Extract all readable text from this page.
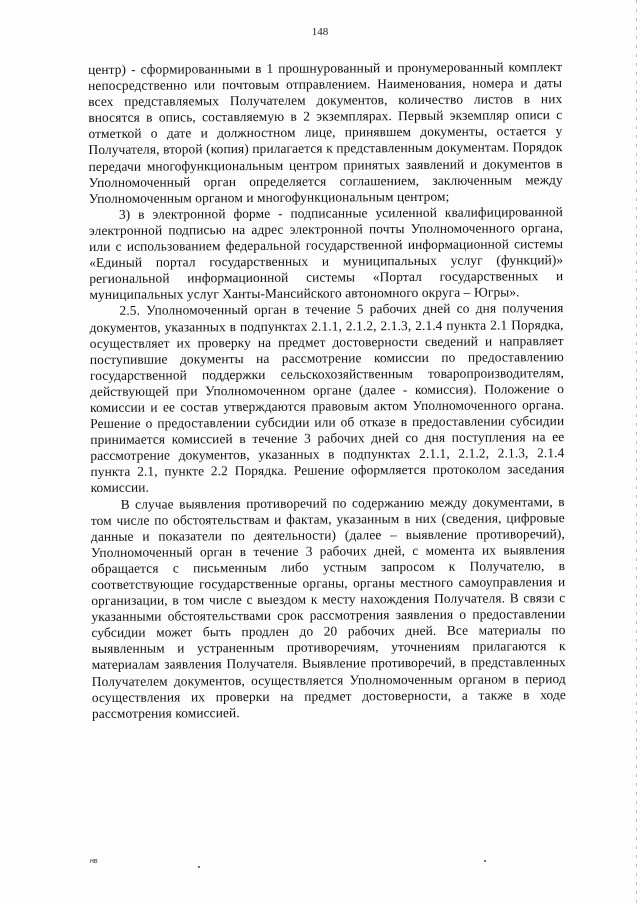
148

центр) - сформированными в 1 прошнурованный и пронумерованный комплект непосредственно или почтовым отправлением. Наименования, номера и даты всех представляемых Получателем документов, количество листов в них вносятся в опись, составляемую в 2 экземплярах. Первый экземпляр описи с отметкой о дате и должностном лице, принявшем документы, остается у Получателя, второй (копия) прилагается к представленным документам. Порядок передачи многофункциональным центром принятых заявлений и документов в Уполномоченный орган определяется соглашением, заключенным между Уполномоченным органом и многофункциональным центром;

3) в электронной форме - подписанные усиленной квалифицированной электронной подписью на адрес электронной почты Уполномоченного органа, или с использованием федеральной государственной информационной системы «Единый портал государственных и муниципальных услуг (функций)» региональной информационной системы «Портал государственных и муниципальных услуг Ханты-Мансийского автономного округа – Югры».

2.5. Уполномоченный орган в течение 5 рабочих дней со дня получения документов, указанных в подпунктах 2.1.1, 2.1.2, 2.1.3, 2.1.4 пункта 2.1 Порядка, осуществляет их проверку на предмет достоверности сведений и направляет поступившие документы на рассмотрение комиссии по предоставлению государственной поддержки сельскохозяйственным товаропроизводителям, действующей при Уполномоченном органе (далее - комиссия). Положение о комиссии и ее состав утверждаются правовым актом Уполномоченного органа. Решение о предоставлении субсидии или об отказе в предоставлении субсидии принимается комиссией в течение 3 рабочих дней со дня поступления на ее рассмотрение документов, указанных в подпунктах 2.1.1, 2.1.2, 2.1.3, 2.1.4 пункта 2.1, пункте 2.2 Порядка. Решение оформляется протоколом заседания комиссии.

В случае выявления противоречий по содержанию между документами, в том числе по обстоятельствам и фактам, указанным в них (сведения, цифровые данные и показатели по деятельности) (далее – выявление противоречий), Уполномоченный орган в течение 3 рабочих дней, с момента их выявления обращается с письменным либо устным запросом к Получателю, в соответствующие государственные органы, органы местного самоуправления и организации, в том числе с выездом к месту нахождения Получателя. В связи с указанными обстоятельствами срок рассмотрения заявления о предоставлении субсидии может быть продлен до 20 рабочих дней. Все материалы по выявленным и устраненным противоречиям, уточнениям прилагаются к материалам заявления Получателя. Выявление противоречий, в представленных Получателем документов, осуществляется Уполномоченным органом в период осуществления их проверки на предмет достоверности, а также в ходе рассмотрения комиссией.

нв
